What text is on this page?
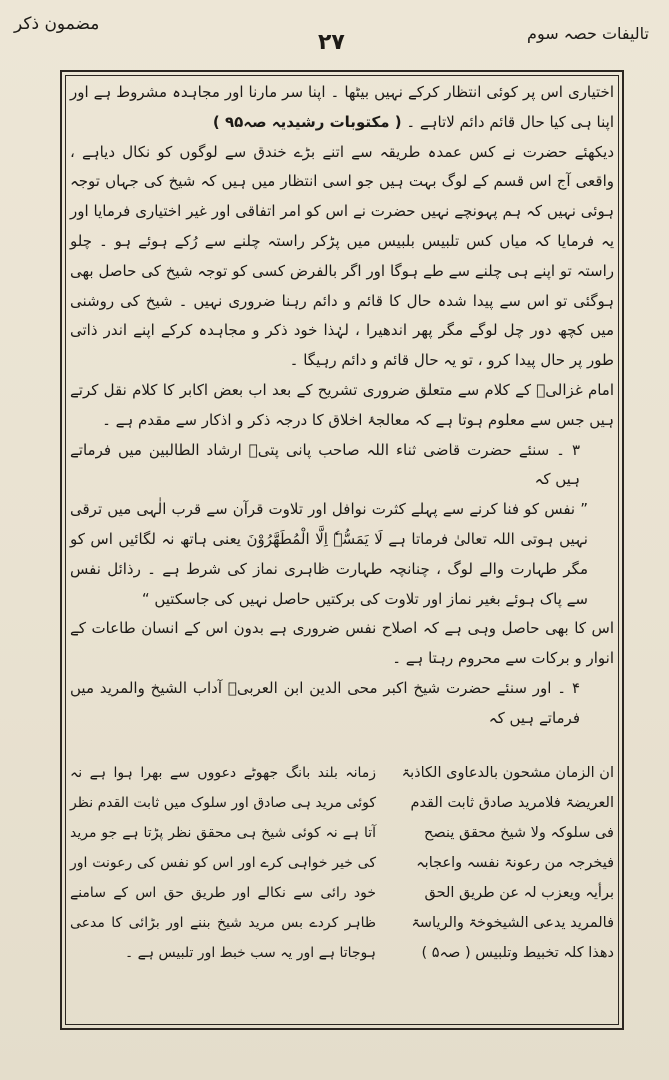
مضمون ذکر
۲۷	تالیفات حصہ سوم

اختیاری اس پر کوئی انتظار کرکے نہیں بیٹھا ۔ اپنا سر مارنا اور مجاہدہ مشروط ہے اور اپنا ہی کیا حال قائم دائم لاتاہے ۔ ( مکتوبات رشیدیہ صہ۹۵ )

دیکھئے حضرت نے کس عمدہ طریقہ سے اتنے بڑے خندق سے لوگوں کو نکال دیاہے ، واقعی آج اس قسم کے لوگ بہت ہیں جو اسی انتظار میں ہیں کہ شیخ کی جہاں توجہ ہوئی نہیں کہ ہم پہونچے نہیں حضرت نے اس کو امر اتفاقی اور غیر اختیاری فرمایا اور یہ فرمایا کہ میاں کس تلبیس بلبیس میں پڑکر راستہ چلنے سے رُکے ہوئے ہو ۔ چلو راستہ تو اپنے ہی چلنے سے طے ہوگا اور اگر بالفرض کسی کو توجہ شیخ کی حاصل بھی ہوگئی تو اس سے پیدا شدہ حال کا قائم و دائم رہنا ضروری نہیں ۔ شیخ کی روشنی میں کچھ دور چل لوگے مگر پھر اندھیرا ، لہٰذا خود ذکر و مجاہدہ کرکے اپنے اندر ذاتی طور پر حال پیدا کرو ، تو یہ حال قائم و دائم رہیگا ۔

امام غزالیؒ کے کلام سے متعلق ضروری تشریح کے بعد اب بعض اکابر کا کلام نقل کرتے ہیں جس سے معلوم ہوتا ہے کہ معالجۂ اخلاق کا درجہ ذکر و اذکار سے مقدم ہے ۔

۳ ۔ سنئے حضرت قاضی ثناء اللہ صاحب پانی پتیؒ ارشاد الطالبین میں فرماتے ہیں کہ

” نفس کو فنا کرنے سے پہلے کثرت نوافل اور تلاوت قرآن سے قرب الٰہی میں ترقی نہیں ہوتی اللہ تعالیٰ فرماتا ہے لَا یَمَسُّہٗ اِلَّا الْمُطَھَّرُوْنَ یعنی ہاتھ نہ لگائیں اس کو مگر طہارت والے لوگ ، چنانچہ طہارت ظاہری نماز کی شرط ہے ۔ رذائل نفس سے پاک ہوئے بغیر نماز اور تلاوت کی برکتیں حاصل نہیں کی جاسکتیں “

اس کا بھی حاصل وہی ہے کہ اصلاح نفس ضروری ہے بدون اس کے انسان طاعات کے انوار و برکات سے محروم رہتا ہے ۔

۴ ۔ اور سنئے حضرت شیخ اکبر محی الدین ابن العربیؒ آداب الشیخ والمرید میں فرماتے ہیں کہ

ان الزمان مشحون بالدعاوی الکاذبۃ العریضۃ فلامرید صادق ثابت القدم فی سلوکہ ولا شیخ محقق ینصح فیخرجہ من رعونۃ نفسہ واعجابہ برأیہ ویعزب لہ عن طریق الحق فالمرید یدعی الشیخوخۃ والریاسۃ دھذا کلہ تخبیط وتلبیس ( صہ۵ )

زمانہ بلند بانگ جھوٹے دعووں سے بھرا ہوا ہے نہ کوئی مرید ہی صادق اور سلوک میں ثابت القدم نظر آتا ہے نہ کوئی شیخ ہی محقق نظر پڑتا ہے جو مرید کی خیر خواہی کرے اور اس کو نفس کی رعونت اور خود رائی سے نکالے اور طریق حق اس کے سامنے ظاہر کردے بس مرید شیخ بننے اور بڑائی کا مدعی ہوجاتا ہے اور یہ سب خبط اور تلبیس ہے ۔
